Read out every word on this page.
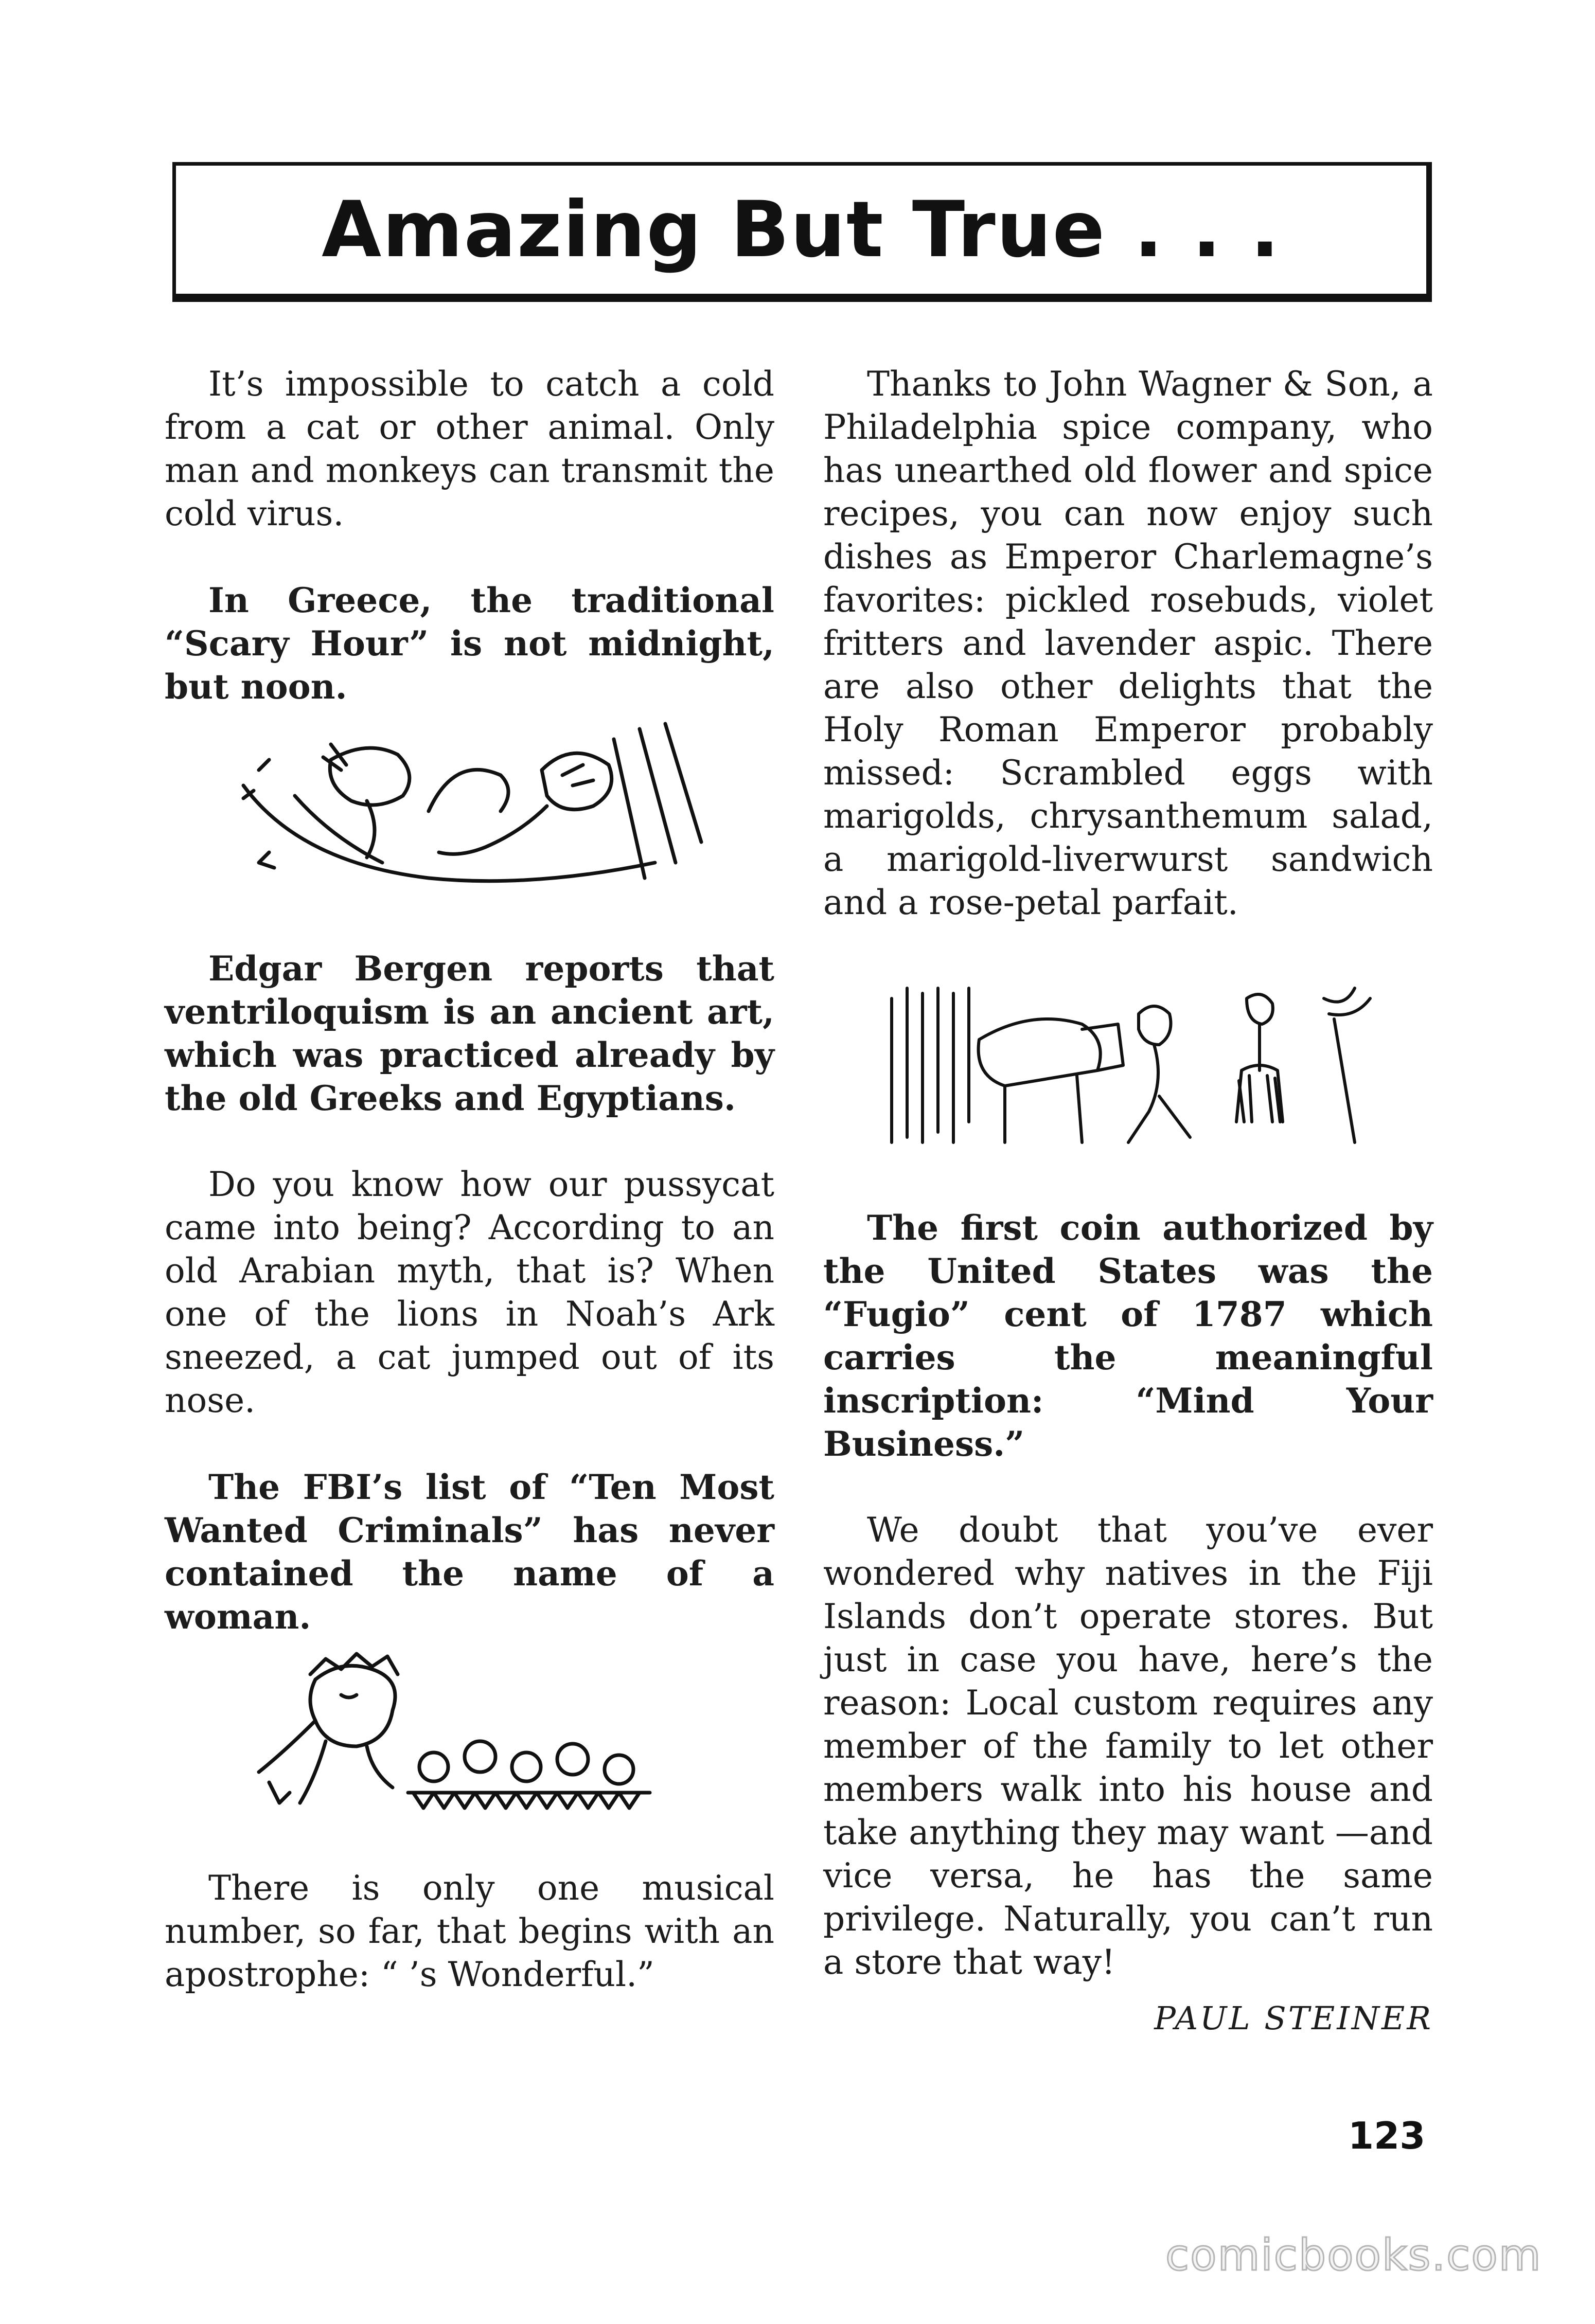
Amazing But True . . .

It’s impossible to catch a cold from a cat or other animal. Only man and monkeys can transmit the cold virus.

In Greece, the traditional “Scary Hour” is not midnight, but noon.

Edgar Bergen reports that ventriloquism is an ancient art, which was practiced already by the old Greeks and Egyptians.

Do you know how our pussycat came into being? According to an old Arabian myth, that is? When one of the lions in Noah’s Ark sneezed, a cat jumped out of its nose.

The FBI’s list of “Ten Most Wanted Criminals” has never contained the name of a woman.

There is only one musical number, so far, that begins with an apostrophe: “ ’s Wonderful.”

Thanks to John Wagner & Son, a Philadelphia spice company, who has unearthed old flower and spice recipes, you can now enjoy such dishes as Emperor Charlemagne’s favorites: pickled rosebuds, violet fritters and lavender aspic. There are also other delights that the Holy Roman Emperor probably missed: Scrambled eggs with marigolds, chrysanthemum salad, a marigold-liverwurst sandwich and a rose-petal parfait.

The first coin authorized by the United States was the “Fugio” cent of 1787 which carries the meaningful inscription: “Mind Your Business.”

We doubt that you’ve ever wondered why natives in the Fiji Islands don’t operate stores. But just in case you have, here’s the reason: Local custom requires any member of the family to let other members walk into his house and take anything they may want —and vice versa, he has the same privilege. Naturally, you can’t run a store that way!

PAUL STEINER
123
comicbooks.com
